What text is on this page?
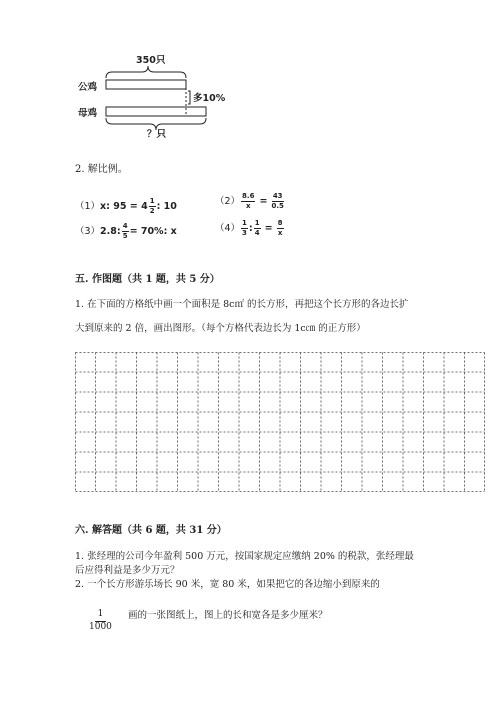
350只
公鸡
母鸡
多10%
？只
2. 解比例。
（1）x: $95 = 4 \frac{1}{2}$ : 10	$(2) \frac{8.6}{x} = \frac{43}{0.5}$
（3）2.8: $\frac{4}{5} = 70\%$: x	$(4) \frac{1}{3}$ : $\frac{1}{4} = \frac{8}{x}$
五. 作图题（共 1 题，共 5 分）
1. 在下面的方格纸中画一个面积是 8c㎡ 的长方形，再把这个长方形的各边长扩
大到原来的 2 倍，画出图形。（每个方格代表边长为 1c㎝ 的正方形）
六. 解答题（共 6 题，共 31 分）
1. 张经理的公司今年盈利 500 万元，按国家规定应缴纳 20% 的税款，张经理最
后应得利益是多少万元？
2. 一个长方形游乐场长 90 米，宽 80 米，如果把它的各边缩小到原来的
$\frac{1}{1000}$ 画的一张图纸上，图上的长和宽各是多少厘米？
